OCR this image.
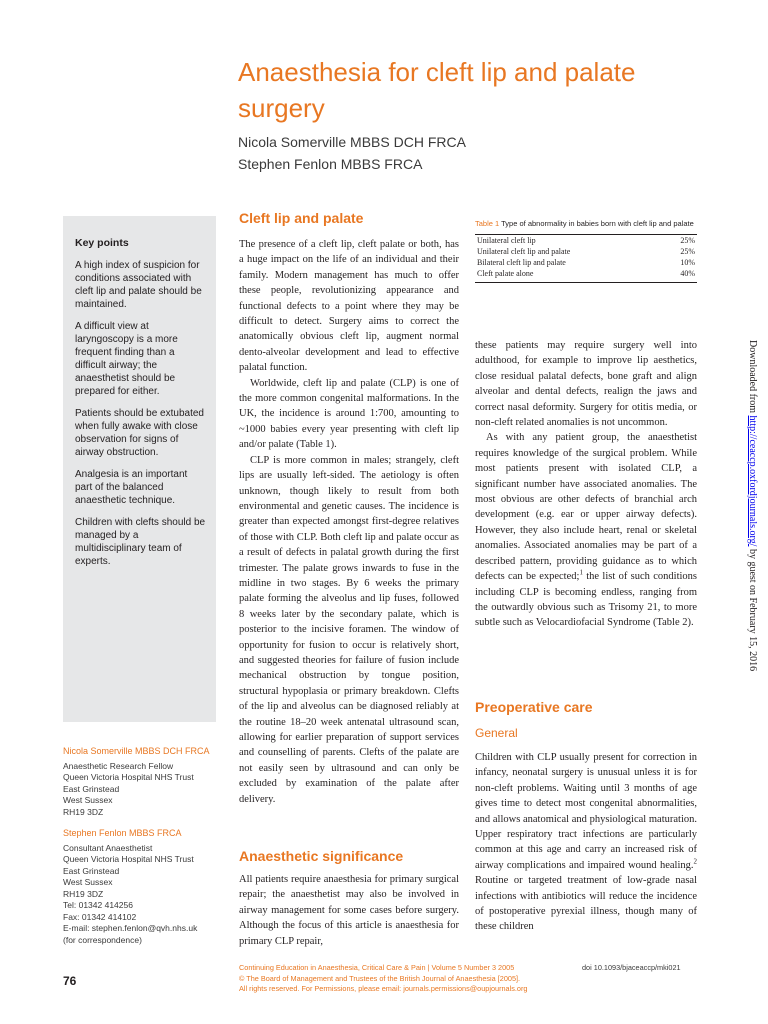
Anaesthesia for cleft lip and palate surgery
Nicola Somerville MBBS DCH FRCA
Stephen Fenlon MBBS FRCA
Key points
A high index of suspicion for conditions associated with cleft lip and palate should be maintained.
A difficult view at laryngoscopy is a more frequent finding than a difficult airway; the anaesthetist should be prepared for either.
Patients should be extubated when fully awake with close observation for signs of airway obstruction.
Analgesia is an important part of the balanced anaesthetic technique.
Children with clefts should be managed by a multidisciplinary team of experts.
Cleft lip and palate

The presence of a cleft lip, cleft palate or both, has a huge impact on the life of an individual and their family. Modern management has much to offer these people, revolutionizing appearance and functional defects to a point where they may be difficult to detect. Surgery aims to correct the anatomically obvious cleft lip, augment normal dento-alveolar development and lead to effective palatal function.

Worldwide, cleft lip and palate (CLP) is one of the more common congenital malformations. In the UK, the incidence is around 1:700, amounting to ~1000 babies every year presenting with cleft lip and/or palate (Table 1).

CLP is more common in males; strangely, cleft lips are usually left-sided. The aetiology is often unknown, though likely to result from both environmental and genetic causes. The incidence is greater than expected amongst first-degree relatives of those with CLP. Both cleft lip and palate occur as a result of defects in palatal growth during the first trimester. The palate grows inwards to fuse in the midline in two stages. By 6 weeks the primary palate forming the alveolus and lip fuses, followed 8 weeks later by the secondary palate, which is posterior to the incisive foramen. The window of opportunity for fusion to occur is relatively short, and suggested theories for failure of fusion include mechanical obstruction by tongue position, structural hypoplasia or primary breakdown. Clefts of the lip and alveolus can be diagnosed reliably at the routine 18–20 week antenatal ultrasound scan, allowing for earlier preparation of support services and counselling of parents. Clefts of the palate are not easily seen by ultrasound and can only be excluded by examination of the palate after delivery.

Anaesthetic significance

All patients require anaesthesia for primary surgical repair; the anaesthetist may also be involved in airway management for some cases before surgery. Although the focus of this article is anaesthesia for primary CLP repair,

Table 1 Type of abnormality in babies born with cleft lip and palate
Unilateral cleft lip	25%
Unilateral cleft lip and palate	25%
Bilateral cleft lip and palate	10%
Cleft palate alone	40%

these patients may require surgery well into adulthood, for example to improve lip aesthetics, close residual palatal defects, bone graft and align alveolar and dental defects, realign the jaws and correct nasal deformity. Surgery for otitis media, or non-cleft related anomalies is not uncommon.

As with any patient group, the anaesthetist requires knowledge of the surgical problem. While most patients present with isolated CLP, a significant number have associated anomalies. The most obvious are other defects of branchial arch development (e.g. ear or upper airway defects). However, they also include heart, renal or skeletal anomalies. Associated anomalies may be part of a described pattern, providing guidance as to which defects can be expected;$^1$ the list of such conditions including CLP is becoming endless, ranging from the outwardly obvious such as Trisomy 21, to more subtle such as Velocardiofacial Syndrome (Table 2).

Preoperative care
General

Children with CLP usually present for correction in infancy, neonatal surgery is unusual unless it is for non-cleft problems. Waiting until 3 months of age gives time to detect most congenital abnormalities, and allows anatomical and physiological maturation. Upper respiratory tract infections are particularly common at this age and carry an increased risk of airway complications and impaired wound healing.$^2$ Routine or targeted treatment of low-grade nasal infections with antibiotics will reduce the incidence of postoperative pyrexial illness, though many of these children

Nicola Somerville MBBS DCH FRCA
Anaesthetic Research Fellow
Queen Victoria Hospital NHS Trust
East Grinstead
West Sussex
RH19 3DZ
Stephen Fenlon MBBS FRCA
Consultant Anaesthetist
Queen Victoria Hospital NHS Trust
East Grinstead
West Sussex
RH19 3DZ
Tel: 01342 414256
Fax: 01342 414102
E-mail: stephen.fenlon@qvh.nhs.uk
(for correspondence)
76
Continuing Education in Anaesthesia, Critical Care & Pain | Volume 5 Number 3 2005
© The Board of Management and Trustees of the British Journal of Anaesthesia [2005].
All rights reserved. For Permissions, please email: journals.permissions@oupjournals.org
doi 10.1093/bjaceaccp/mki021
Downloaded from http://ceaccp.oxfordjournals.org/ by guest on February 15, 2016
